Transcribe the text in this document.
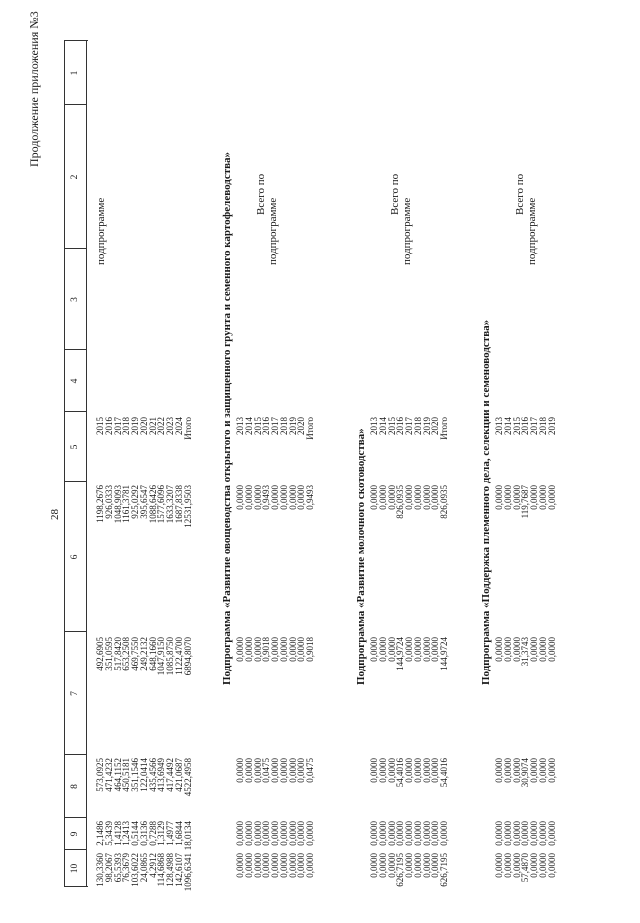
28
Продолжение приложения №3	1
2
3
4
5
6
7
8
9
10
подпрограмме
2015
1198,2676
492,6905
573,0925
2,1486
130,3360
2016
926,0333
351,0595
471,4232
5,3439
98,2067
2017
1048,9093
517,8420
464,1152
1,4128
65,5393
2018
1161,3781
653,2508
450,5181
1,2413
76,3679
2019
925,0292
469,7550
351,1546
0,5144
103,6022
2020
395,6547
249,2132
122,0414
0,3136
24,0865
2021
1088,6426
648,1660
435,4566
0,7288
4,2912
2022
1577,6096
1047,9150
413,6949
1,3129
114,6868
2023
1633,3207
1085,8750
417,4492
1,4977
128,4988
2024
1687,8338
1122,4700
421,0687
1,6844
142,6107
Итого
12531,9503
6894,8070
4522,4958
18,0134
1096,6341
Подпрограмма «Развитие овощеводства открытого и защищенного грунта и семенного картофелеводства» Всего по
подпрограмме
2013
0,0000
0,0000
0,0000
0,0000
0,0000
2014
0,0000
0,0000
0,0000
0,0000
0,0000
2015
0,0000
0,0000
0,0000
0,0000
0,0000
2016
0,9493
0,9018
0,0475
0,0000
0,0000
2017
0,0000
0,0000
0,0000
0,0000
0,0000
2018
0,0000
0,0000
0,0000
0,0000
0,0000
2019
0,0000
0,0000
0,0000
0,0000
0,0000
2020
0,0000
0,0000
0,0000
0,0000
0,0000
Итого
0,9493
0,9018
0,0475
0,0000
0,0000
Подпрограмма «Развитие молочного скотоводства»
Всего по
подпрограмме
2013
0,0000
0,0000
0,0000
0,0000
0,0000
2014
0,0000
0,0000
0,0000
0,0000
0,0000
2015
0,0000
0,0000
0,0000
0,0000
0,0000
2016
826,0935
144,9724
54,4016
0,0000
626,7195
2017
0,0000
0,0000
0,0000
0,0000
0,0000
2018
0,0000
0,0000
0,0000
0,0000
0,0000
2019
0,0000
0,0000
0,0000
0,0000
0,0000
2020
0,0000
0,0000
0,0000
0,0000
0,0000
Итого
826,0935
144,9724
54,4016
0,0000
626,7195
Подпрограмма «Поддержка племенного дела, селекции и семеноводства»
Всего по
подпрограмме
2013
0,0000
0,0000
0,0000
0,0000
0,0000
2014
0,0000
0,0000
0,0000
0,0000
0,0000
2015
0,0000
0,0000
0,0000
0,0000
0,0000
2016
119,7687
31,3743
30,9074
0,0000
57,4870
2017
0,0000
0,0000
0,0000
0,0000
0,0000
2018
0,0000
0,0000
0,0000
0,0000
0,0000
2019
0,0000
0,0000
0,0000
0,0000
0,0000
